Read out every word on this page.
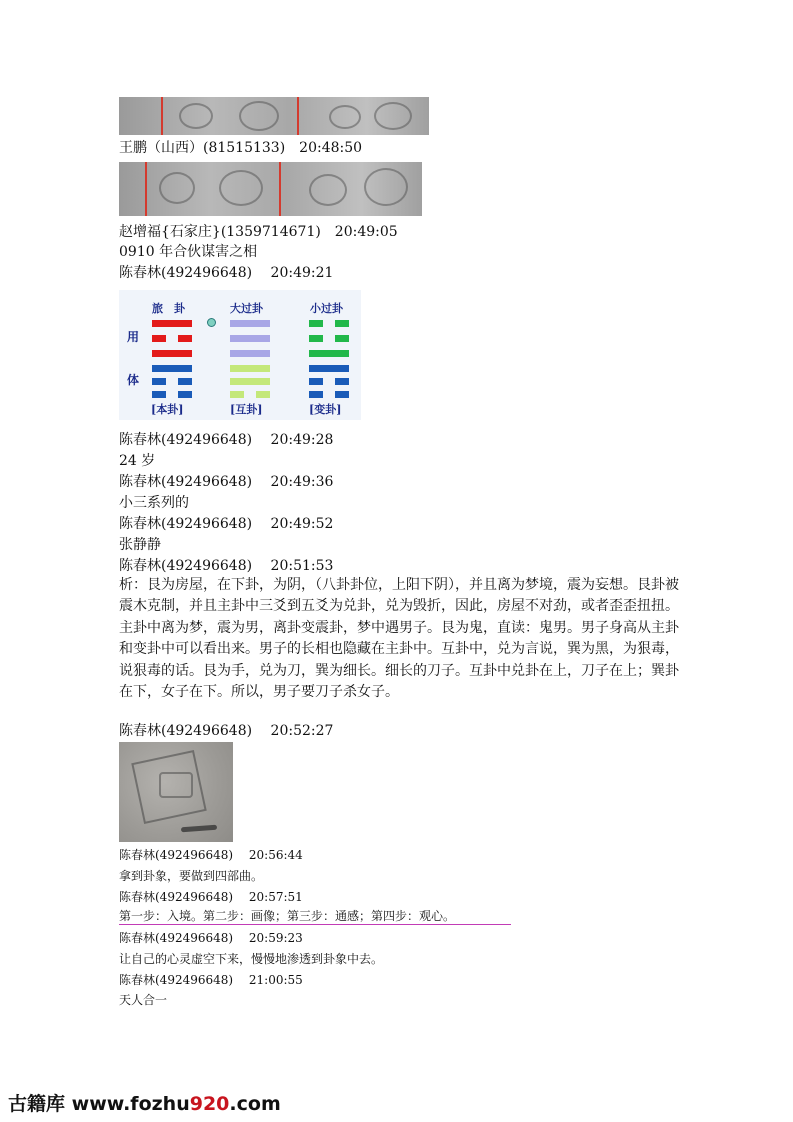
王鹏（山西）(81515133)　20:48:50
赵增福{石家庄}(1359714671)　20:49:05
0910 年合伙谋害之相
陈春林(492496648)　 20:49:21
旅　卦	大过卦	小过卦
用
体
[本卦]	[互卦]	[变卦]
陈春林(492496648)　 20:49:28
24 岁
陈春林(492496648)　 20:49:36
小三系列的
陈春林(492496648)　 20:49:52
张静静
陈春林(492496648)　 20:51:53
析：艮为房屋，在下卦，为阴，（八卦卦位，上阳下阴），并且离为梦境，震为妄想。艮卦被震木克制，并且主卦中三爻到五爻为兑卦，兑为毁折，因此，房屋不对劲，或者歪歪扭扭。主卦中离为梦，震为男，离卦变震卦，梦中遇男子。艮为鬼，直读：鬼男。男子身高从主卦和变卦中可以看出来。男子的长相也隐藏在主卦中。互卦中，兑为言说，巽为黑，为狠毒，说狠毒的话。艮为手，兑为刀，巽为细长。细长的刀子。互卦中兑卦在上，刀子在上；巽卦在下，女子在下。所以，男子要刀子杀女子。
陈春林(492496648)　 20:52:27
陈春林(492496648)　 20:56:44
拿到卦象，要做到四部曲。
陈春林(492496648)　 20:57:51
第一步：入境。第二步：画像；第三步：通感；第四步：观心。
陈春林(492496648)　 20:59:23
让自己的心灵虚空下来，慢慢地渗透到卦象中去。
陈春林(492496648)　 21:00:55
天人合一
古籍库 www.fozhu920.com
